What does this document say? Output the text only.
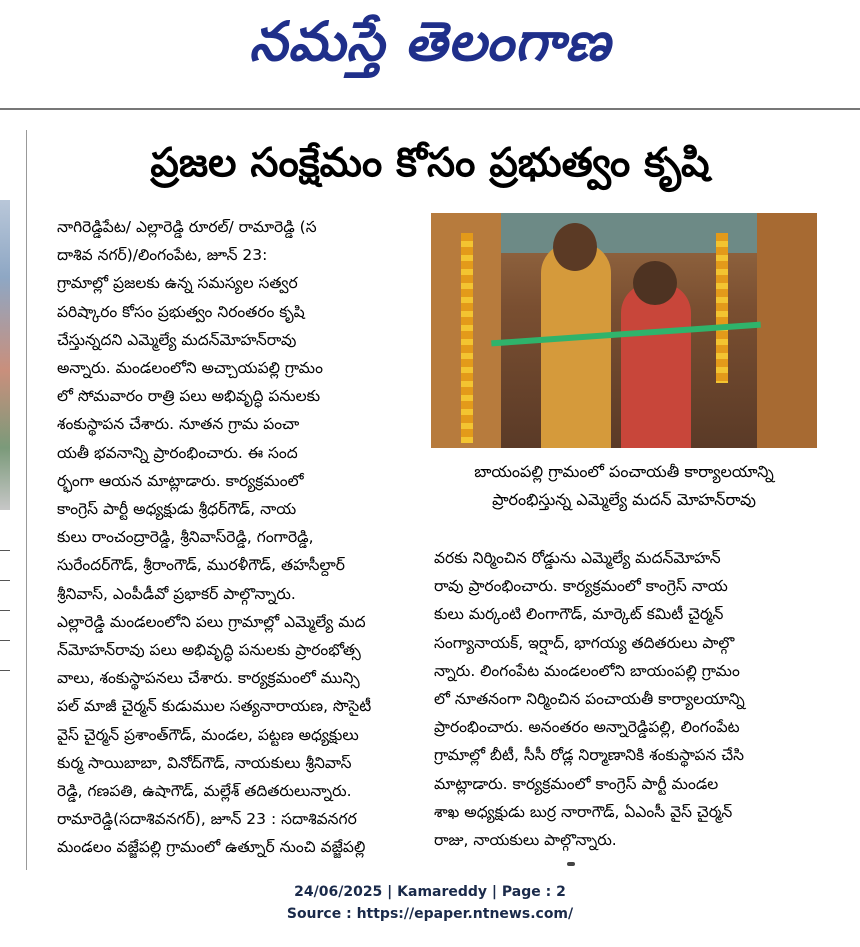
నమస్తే తెలంగాణ
ప్రజల సంక్షేమం కోసం ప్రభుత్వం కృషి
నాగిరెడ్డిపేట/ ఎల్లారెడ్డి రూరల్/ రామారెడ్డి (స
దాశివ నగర్)/లింగంపేట, జూన్ 23:
గ్రామాల్లో ప్రజలకు ఉన్న సమస్యల సత్వర
పరిష్కారం కోసం ప్రభుత్వం నిరంతరం కృషి
చేస్తున్నదని ఎమ్మెల్యే మదన్‌మోహన్‌రావు
అన్నారు. మండలంలోని అచ్చాయపల్లి గ్రామం
లో సోమవారం రాత్రి పలు అభివృద్ధి పనులకు
శంకుస్థాపన చేశారు. నూతన గ్రామ పంచా
యతీ భవనాన్ని ప్రారంభించారు. ఈ సంద
ర్భంగా ఆయన మాట్లాడారు. కార్యక్రమంలో
కాంగ్రెస్ పార్టీ అధ్యక్షుడు శ్రీధర్‌గౌడ్, నాయ
కులు రాంచంద్రారెడ్డి, శ్రీనివాస్‌రెడ్డి, గంగారెడ్డి,
సురేందర్‌గౌడ్, శ్రీరాంగౌడ్, మురళీగౌడ్, తహసీల్దార్
శ్రీనివాస్, ఎంపీడీవో ప్రభాకర్ పాల్గొన్నారు.
ఎల్లారెడ్డి మండలంలోని పలు గ్రామాల్లో ఎమ్మెల్యే మద
న్‌మోహన్‌రావు పలు అభివృద్ధి పనులకు ప్రారంభోత్స
వాలు, శంకుస్థాపనలు చేశారు. కార్యక్రమంలో మున్సి
పల్ మాజీ చైర్మన్ కుడుముల సత్యనారాయణ, సొసైటీ
వైస్ చైర్మన్ ప్రశాంత్‌గౌడ్, మండల, పట్టణ అధ్యక్షులు
కుర్మ సాయిబాబా, వినోద్‌గౌడ్, నాయకులు శ్రీనివాస్
రెడ్డి, గణపతి, ఉషాగౌడ్, మల్లేశ్ తదితరులున్నారు.
రామారెడ్డి(సదాశివనగర్), జూన్ 23 : సదాశివనగర
మండలం వజ్జేపల్లి గ్రామంలో ఉత్నూర్ నుంచి వజ్జేపల్లి
బాయంపల్లి గ్రామంలో పంచాయతీ కార్యాలయాన్ని
ప్రారంభిస్తున్న ఎమ్మెల్యే మదన్ మోహన్‌రావు
వరకు నిర్మించిన రోడ్డును ఎమ్మెల్యే మదన్‌మోహన్
రావు ప్రారంభించారు. కార్యక్రమంలో కాంగ్రెస్ నాయ
కులు మర్కంటి లింగాగౌడ్, మార్కెట్ కమిటీ చైర్మన్
సంగ్యానాయక్, ఇర్షాద్, భాగయ్య తదితరులు పాల్గొ
న్నారు. లింగంపేట మండలంలోని బాయంపల్లి గ్రామం
లో నూతనంగా నిర్మించిన పంచాయతీ కార్యాలయాన్ని
ప్రారంభించారు. అనంతరం అన్నారెడ్డిపల్లి, లింగంపేట
గ్రామాల్లో బీటీ, సీసీ రోడ్ల నిర్మాణానికి శంకుస్థాపన చేసి
మాట్లాడారు. కార్యక్రమంలో కాంగ్రెస్ పార్టీ మండల
శాఖ అధ్యక్షుడు బుర్ర నారాగౌడ్, ఏఎంసీ వైస్ చైర్మన్
రాజు, నాయకులు పాల్గొన్నారు.
24/06/2025 | Kamareddy | Page : 2
Source : https://epaper.ntnews.com/
